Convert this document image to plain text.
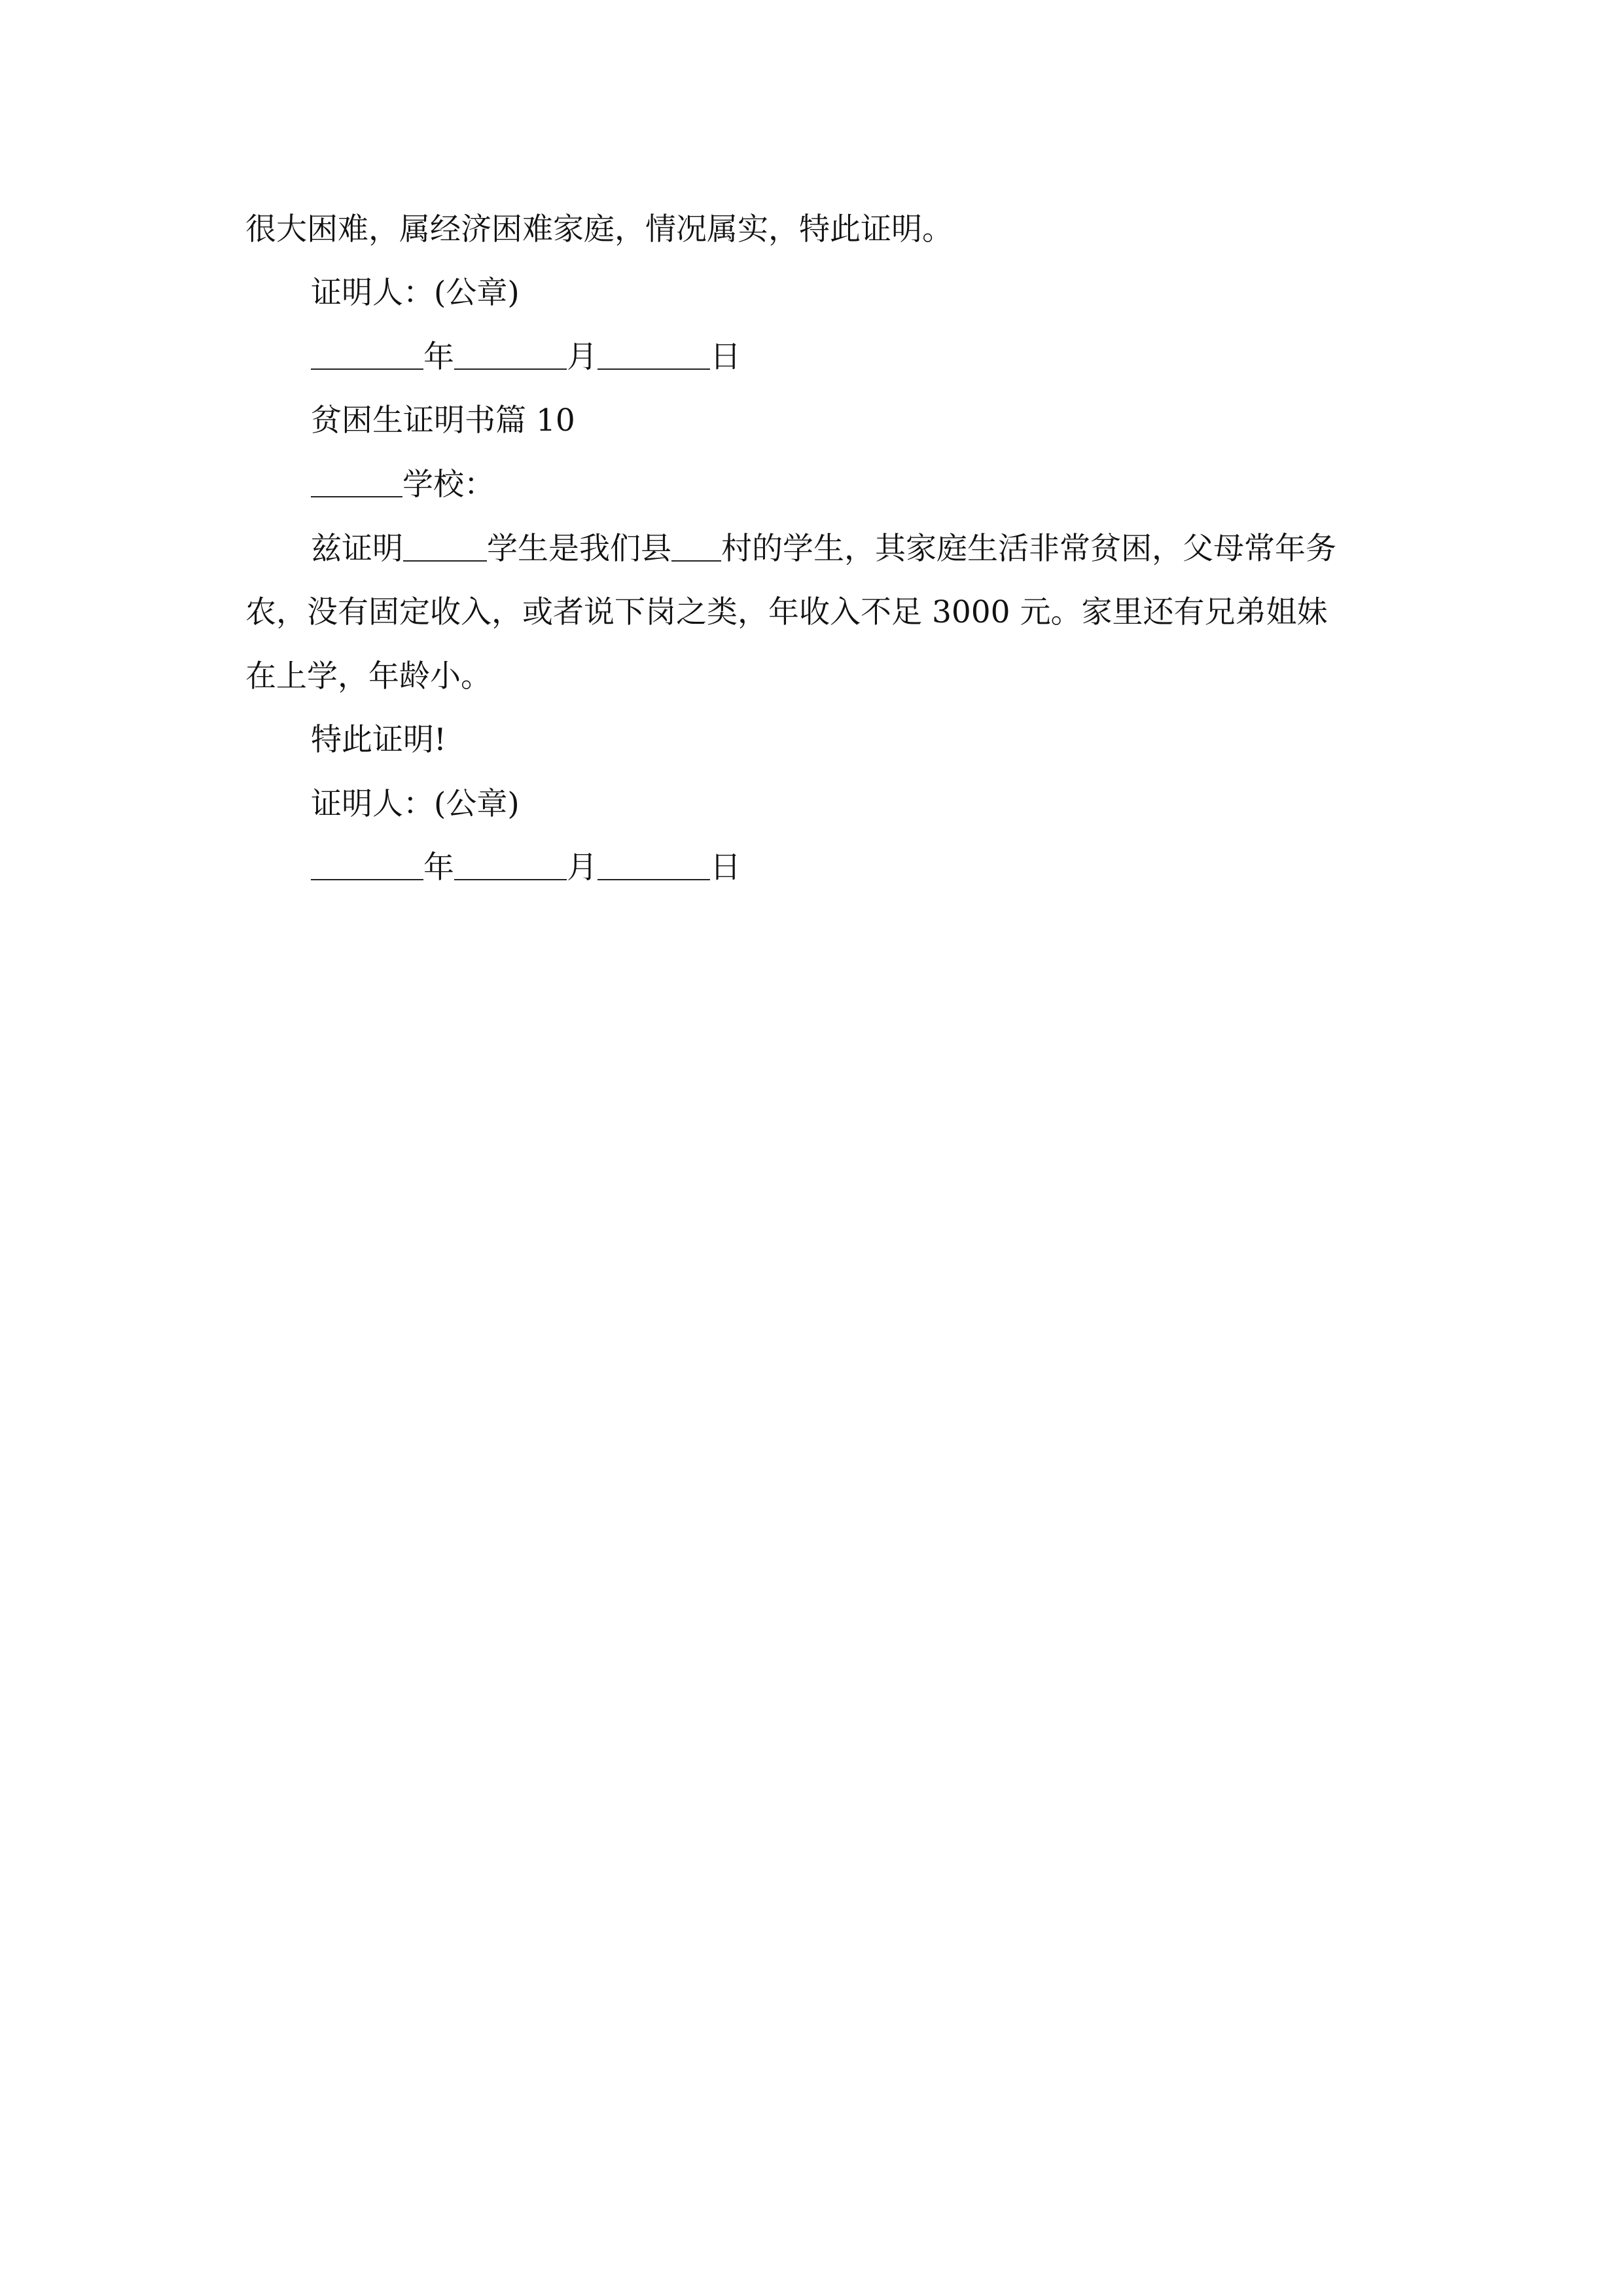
很大困难，属经济困难家庭，情况属实，特此证明。
证明人：(公章)
年	月	日
贫困生证明书篇 10
学校：
兹证明	学生是我们县 村的学生，其家庭生活非常贫困，父母常年务
农，没有固定收入，或者说下岗之类，年收入不足 3000 元。家里还有兄弟姐妹
在上学，年龄小。
特此证明!
证明人：(公章)
年	月	日
